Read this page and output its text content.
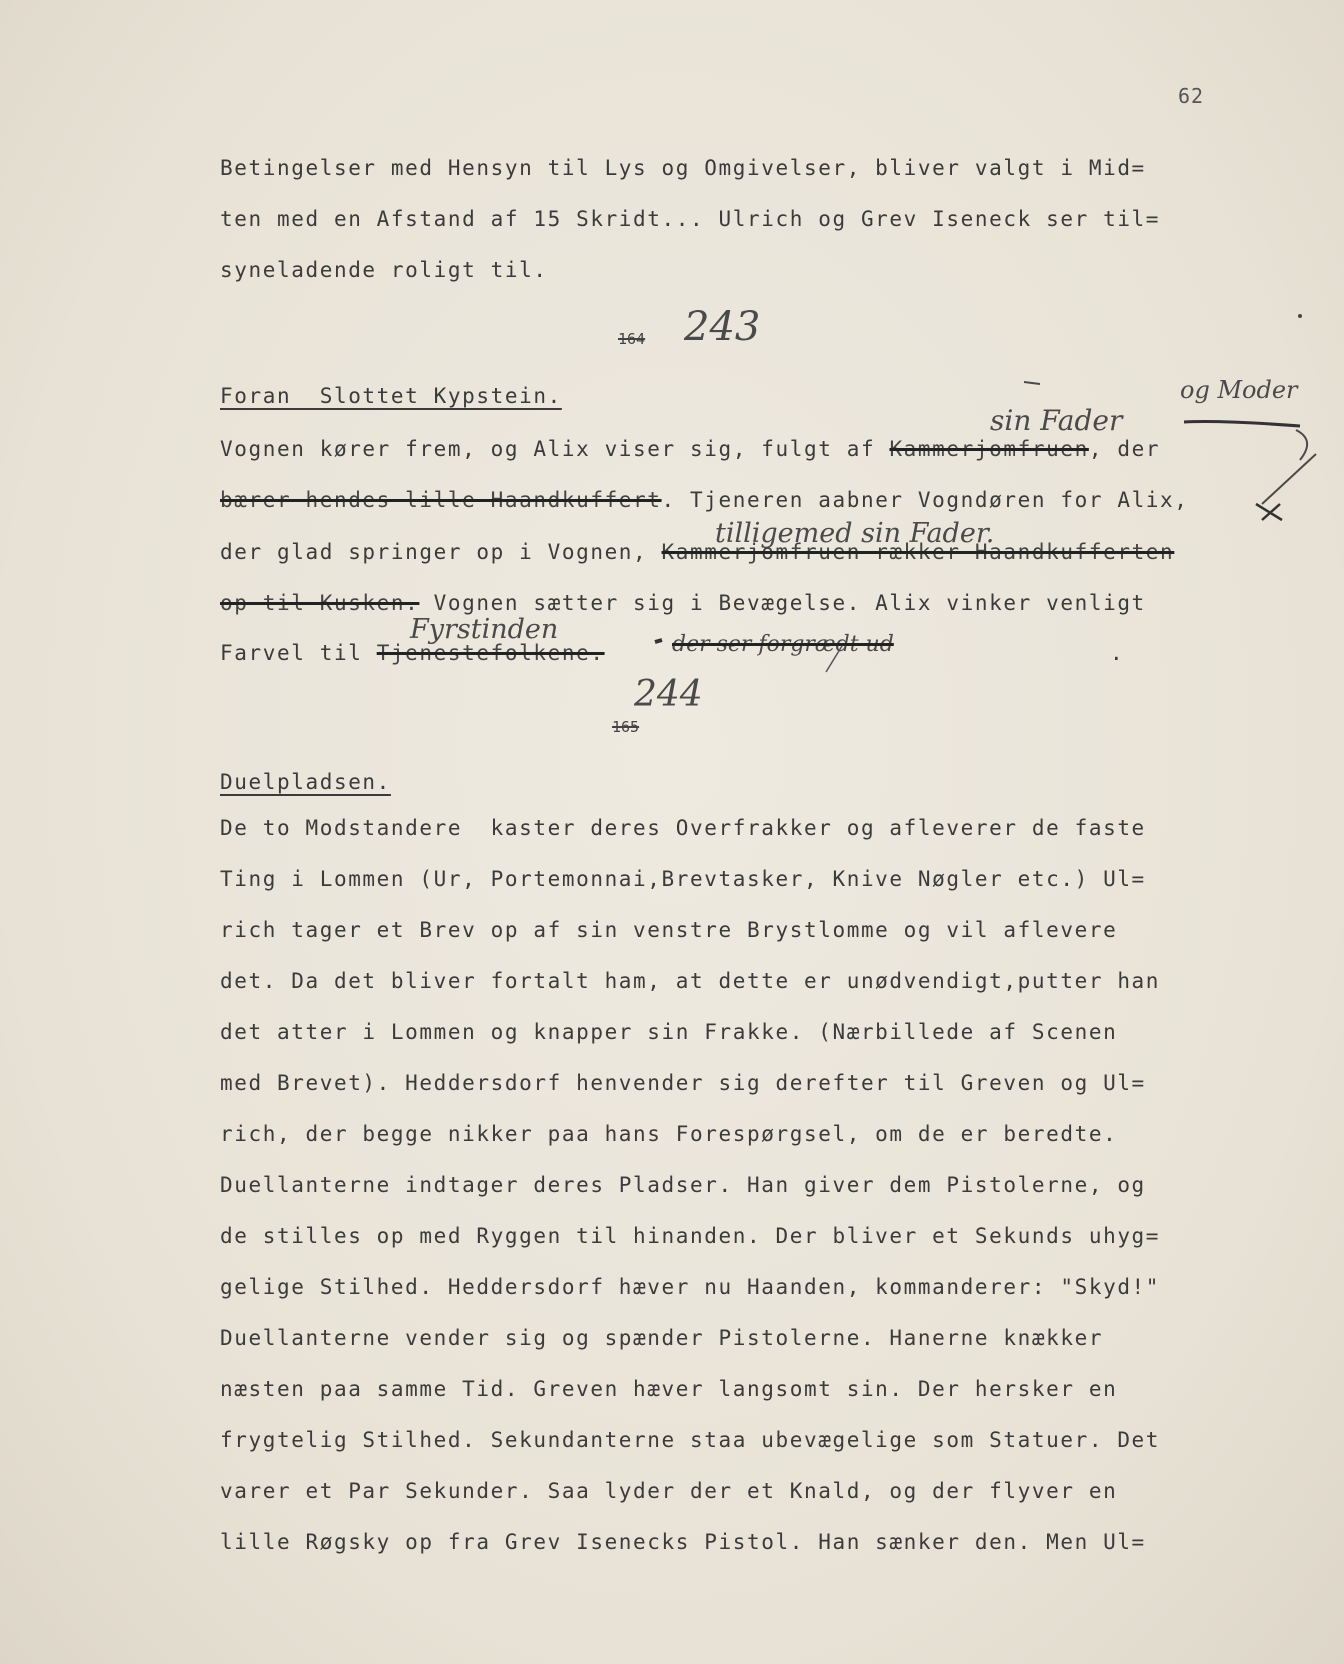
62
Betingelser med Hensyn til Lys og Omgivelser, bliver valgt i Mid=
ten med en Afstand af 15 Skridt... Ulrich og Grev Iseneck ser til=
syneladende roligt til.
164 243
Foran  Slottet Kypstein.
sin Fader
og Moder
Vognen kører frem, og Alix viser sig, fulgt af Kammerjomfruen, der
bærer hendes lille Haandkuffert. Tjeneren aabner Vogndøren for Alix,
tilligemed sin Fader.
der glad springer op i Vognen, Kammerjomfruen rækker Haandkufferten
op til Kusken. Vognen sætter sig i Bevægelse. Alix vinker venligt
Fyrstinden
Farvel til Tjenestefolkene.	der ser forgrædt ud	.
244
165
Duelpladsen.
De to Modstandere  kaster deres Overfrakker og afleverer de faste
Ting i Lommen (Ur, Portemonnai,Brevtasker, Knive Nøgler etc.) Ul=
rich tager et Brev op af sin venstre Brystlomme og vil aflevere
det. Da det bliver fortalt ham, at dette er unødvendigt,putter han
det atter i Lommen og knapper sin Frakke. (Nærbillede af Scenen
med Brevet). Heddersdorf henvender sig derefter til Greven og Ul=
rich, der begge nikker paa hans Forespørgsel, om de er beredte.
Duellanterne indtager deres Pladser. Han giver dem Pistolerne, og
de stilles op med Ryggen til hinanden. Der bliver et Sekunds uhyg=
gelige Stilhed. Heddersdorf hæver nu Haanden, kommanderer: "Skyd!"
Duellanterne vender sig og spænder Pistolerne. Hanerne knækker
næsten paa samme Tid. Greven hæver langsomt sin. Der hersker en
frygtelig Stilhed. Sekundanterne staa ubevægelige som Statuer. Det
varer et Par Sekunder. Saa lyder der et Knald, og der flyver en
lille Røgsky op fra Grev Isenecks Pistol. Han sænker den. Men Ul=
